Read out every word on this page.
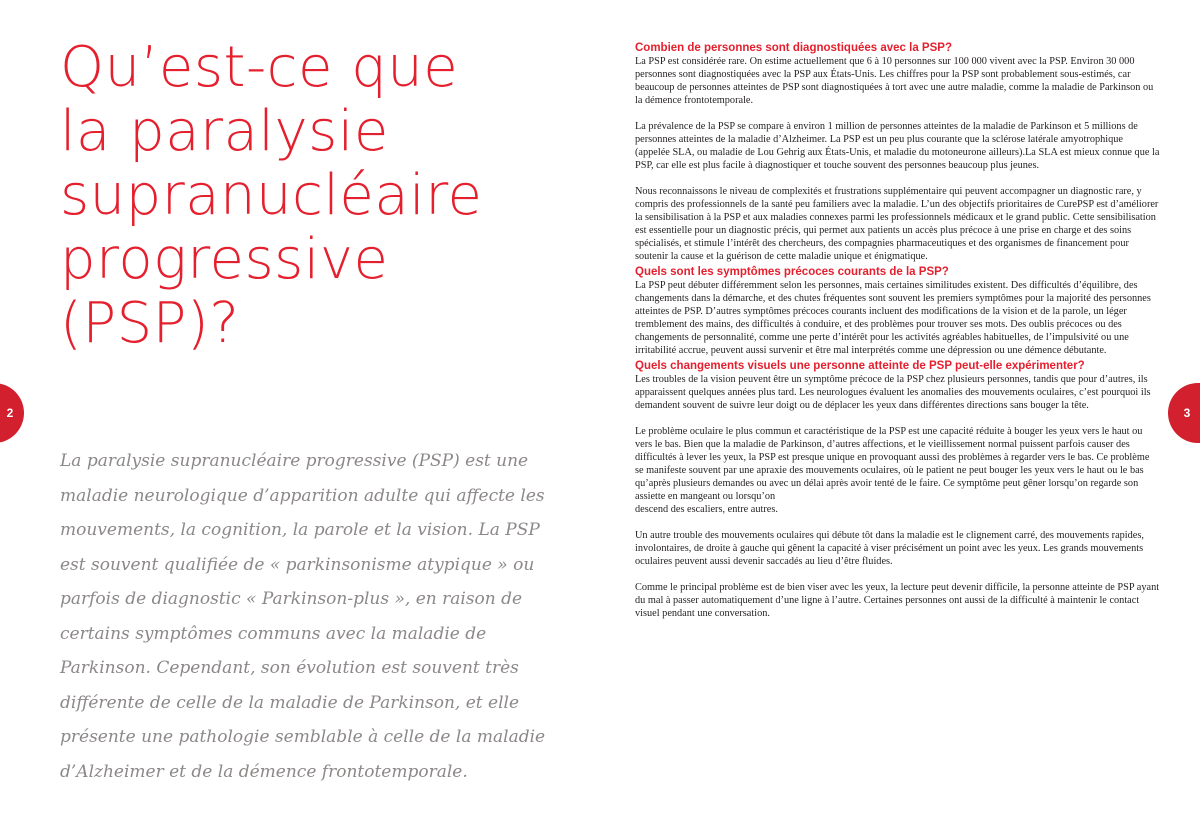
Qu’est-ce que
la paralysie
supranucléaire
progressive
(PSP)?

La paralysie supranucléaire progressive (PSP) est une maladie neurologique d’apparition adulte qui affecte les mouvements, la cognition, la parole et la vision. La PSP est souvent qualifiée de « parkinsonisme atypique » ou parfois de diagnostic « Parkinson-plus », en raison de certains symptômes communs avec la maladie de Parkinson. Cependant, son évolution est souvent très différente de celle de la maladie de Parkinson, et elle présente une pathologie semblable à celle de la maladie d’Alzheimer et de la démence frontotemporale.

2
Combien de personnes sont diagnostiquées avec la PSP?

La PSP est considérée rare. On estime actuellement que 6 à 10 personnes sur 100 000 vivent avec la PSP. Environ 30 000 personnes sont diagnostiquées avec la PSP aux États-Unis. Les chiffres pour la PSP sont probablement sous-estimés, car beaucoup de personnes atteintes de PSP sont diagnostiquées à tort avec une autre maladie, comme la maladie de Parkinson ou la démence frontotemporale.

La prévalence de la PSP se compare à environ 1 million de personnes atteintes de la maladie de Parkinson et 5 millions de personnes atteintes de la maladie d’Alzheimer. La PSP est un peu plus courante que la sclérose latérale amyotrophique (appelée SLA, ou maladie de Lou Gehrig aux États-Unis, et maladie du motoneurone ailleurs).La SLA est mieux connue que la PSP, car elle est plus facile à diagnostiquer et touche souvent des personnes beaucoup plus jeunes.

Nous reconnaissons le niveau de complexités et frustrations supplémentaire qui peuvent accompagner un diagnostic rare, y compris des professionnels de la santé peu familiers avec la maladie. L’un des objectifs prioritaires de CurePSP est d’améliorer la sensibilisation à la PSP et aux maladies connexes parmi les professionnels médicaux et le grand public. Cette sensibilisation est essentielle pour un diagnostic précis, qui permet aux patients un accès plus précoce à une prise en charge et des soins spécialisés, et stimule l’intérêt des chercheurs, des compagnies pharmaceutiques et des organismes de financement pour soutenir la cause et la guérison de cette maladie unique et énigmatique.

Quels sont les symptômes précoces courants de la PSP?

La PSP peut débuter différemment selon les personnes, mais certaines similitudes existent. Des difficultés d’équilibre, des changements dans la démarche, et des chutes fréquentes sont souvent les premiers symptômes pour la majorité des personnes atteintes de PSP. D’autres symptômes précoces courants incluent des modifications de la vision et de la parole, un léger tremblement des mains, des difficultés à conduire, et des problèmes pour trouver ses mots. Des oublis précoces ou des changements de personnalité, comme une perte d’intérêt pour les activités agréables habituelles, de l’impulsivité ou une irritabilité accrue, peuvent aussi survenir et être mal interprétés comme une dépression ou une démence débutante.

Quels changements visuels une personne atteinte de PSP peut-elle expérimenter?

Les troubles de la vision peuvent être un symptôme précoce de la PSP chez plusieurs personnes, tandis que pour d’autres, ils apparaissent quelques années plus tard. Les neurologues évaluent les anomalies des mouvements oculaires, c’est pourquoi ils demandent souvent de suivre leur doigt ou de déplacer les yeux dans différentes directions sans bouger la tête.

Le problème oculaire le plus commun et caractéristique de la PSP est une capacité réduite à bouger les yeux vers le haut ou vers le bas. Bien que la maladie de Parkinson, d’autres affections, et le vieillissement normal puissent parfois causer des difficultés à lever les yeux, la PSP est presque unique en provoquant aussi des problèmes à regarder vers le bas. Ce problème se manifeste souvent par une apraxie des mouvements oculaires, où le patient ne peut bouger les yeux vers le haut ou le bas qu’après plusieurs demandes ou avec un délai après avoir tenté de le faire. Ce symptôme peut gêner lorsqu’on regarde son assiette en mangeant ou lorsqu’on
descend des escaliers, entre autres.

Un autre trouble des mouvements oculaires qui débute tôt dans la maladie est le clignement carré, des mouvements rapides, involontaires, de droite à gauche qui gênent la capacité à viser précisément un point avec les yeux. Les grands mouvements oculaires peuvent aussi devenir saccadés au lieu d’être fluides.

Comme le principal problème est de bien viser avec les yeux, la lecture peut devenir difficile, la personne atteinte de PSP ayant du mal à passer automatiquement d’une ligne à l’autre. Certaines personnes ont aussi de la difficulté à maintenir le contact visuel pendant une conversation.

3
